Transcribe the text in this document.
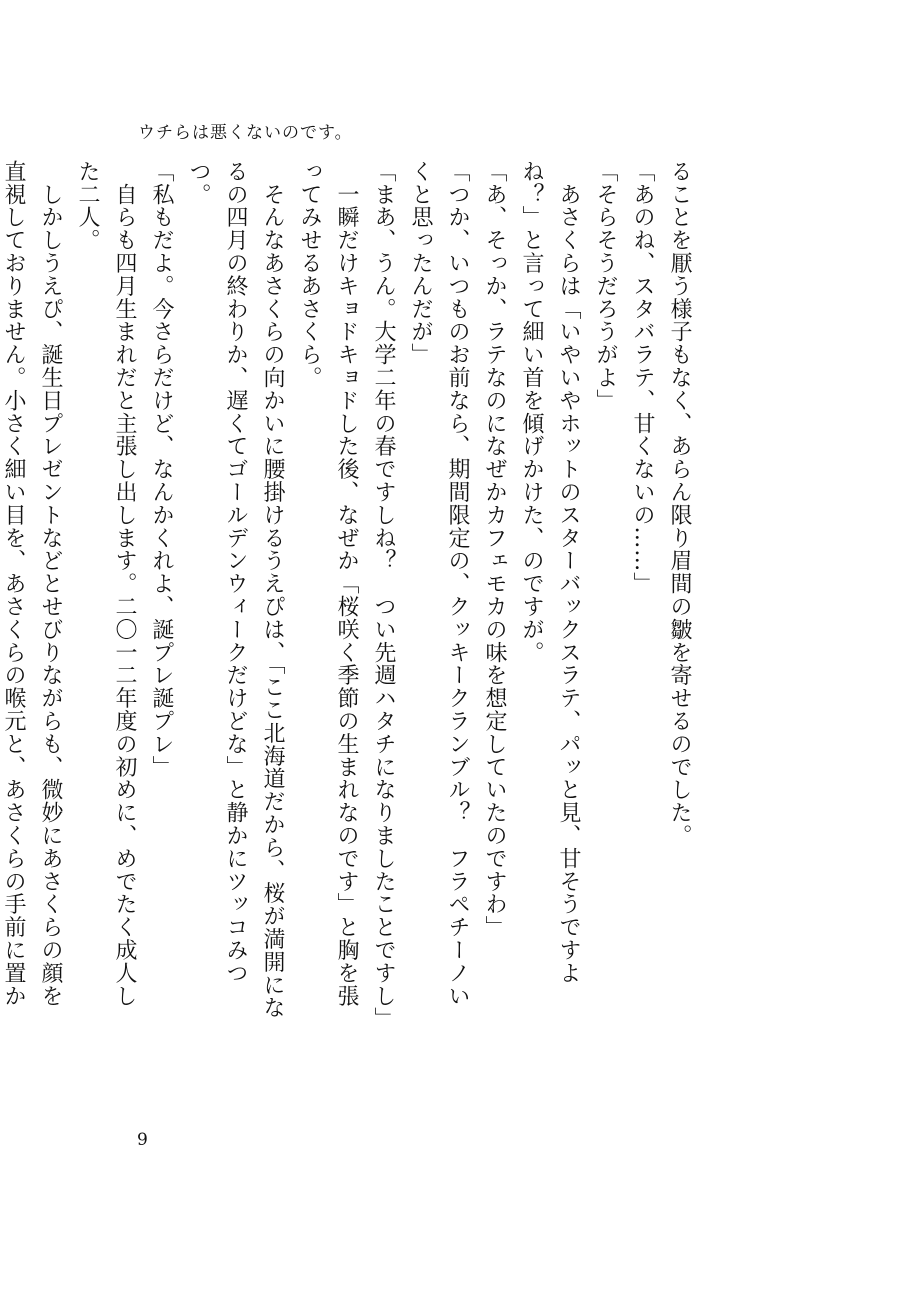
ウチらは悪くないのです。

ることを厭う様子もなく、あらん限り眉間の皺を寄せるのでした。

「あのね、スタバラテ、甘くないの……」

「そらそうだろうがよ」

　あさくらは「いやいやホットのスターバックスラテ、パッと見、甘そうですよね？」と言って細い首を傾げかけた、のですが。

「あ、そっか、ラテなのになぜかカフェモカの味を想定していたのですわ」

「つか、いつものお前なら、期間限定の、クッキークランブル？　フラペチーノいくと思ったんだが」

「まあ、うん。大学二年の春ですしね？　つい先週ハタチになりましたことですし」

　一瞬だけキョドキョドした後、なぜか「桜咲く季節の生まれなのです」と胸を張ってみせるあさくら。

　そんなあさくらの向かいに腰掛けるうえぴは、「ここ北海道だから、桜が満開になるの四月の終わりか、遅くてゴールデンウィークだけどな」と静かにツッコみつつ。

「私もだよ。今さらだけど、なんかくれよ、誕プレ誕プレ」

　自らも四月生まれだと主張し出します。二〇一二年度の初めに、めでたく成人した二人。

　しかしうえぴ、誕生日プレゼントなどとせびりながらも、微妙にあさくらの顔を直視しておりません。小さく細い目を、あさくらの喉元と、あさくらの手前に置か

9
